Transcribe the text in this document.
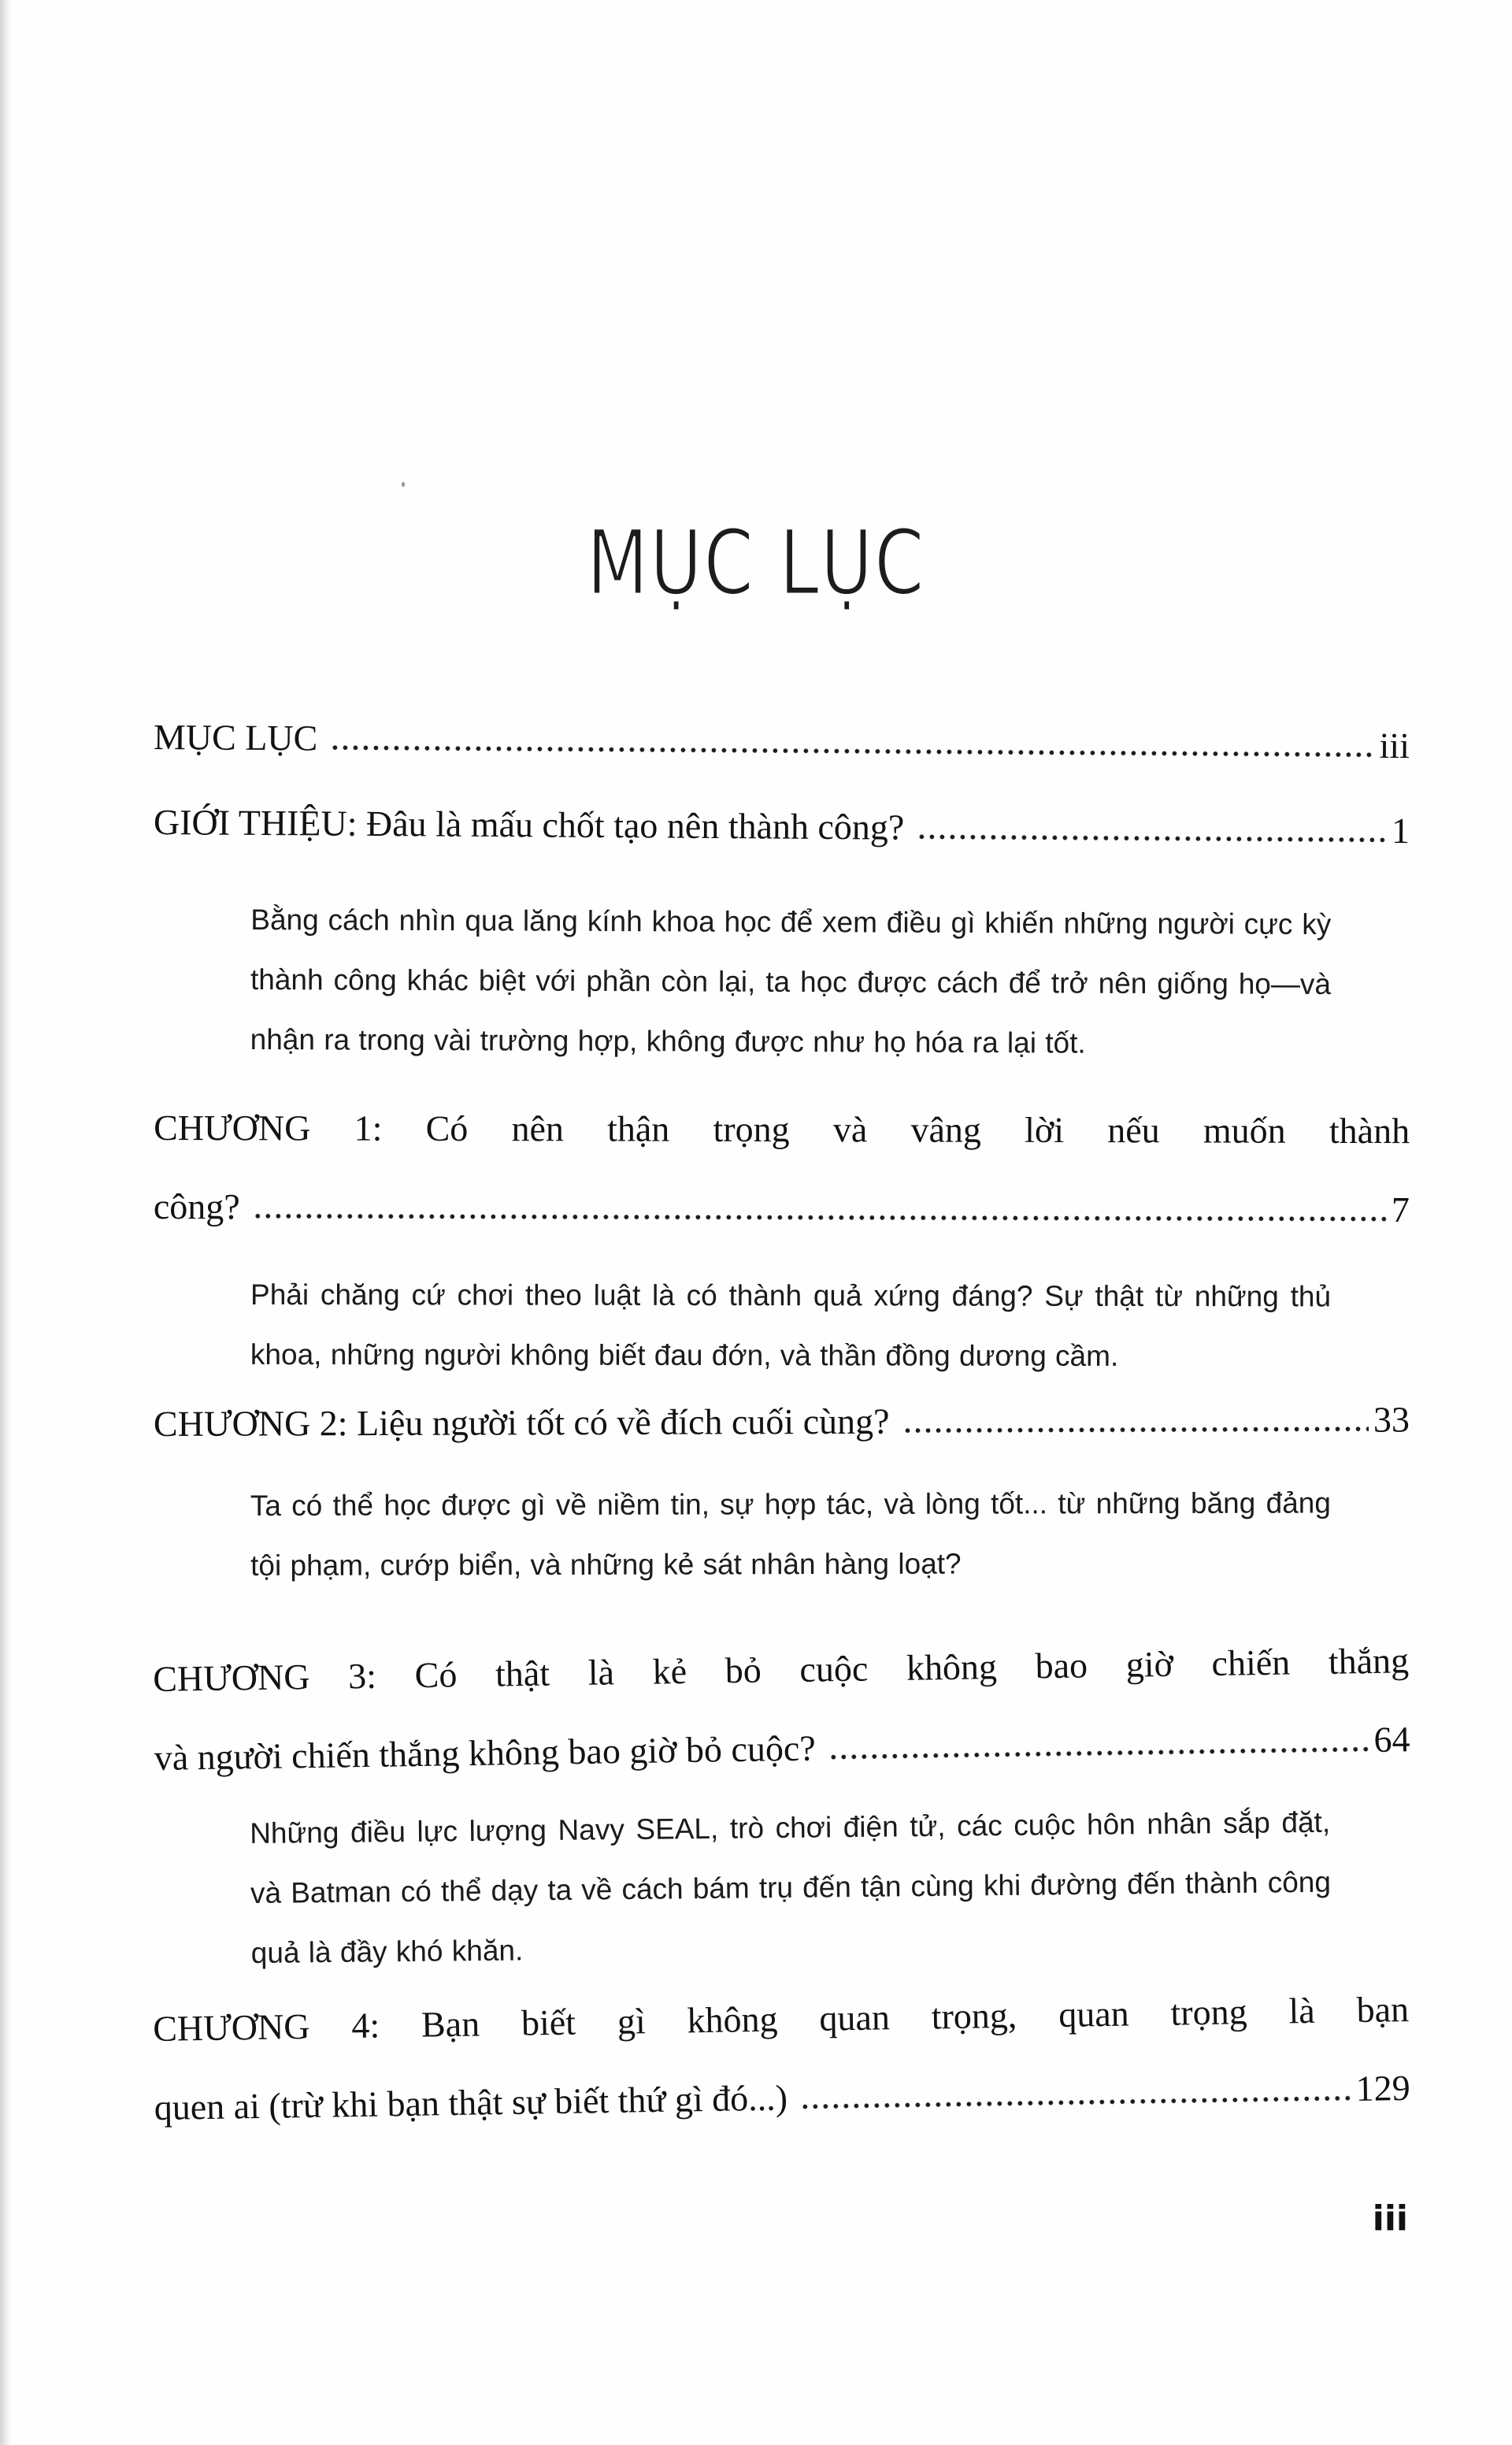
MỤC LỤC
MỤC LỤC	iii
GIỚI THIỆU: Đâu là mấu chốt tạo nên thành công?	1

Bằng cách nhìn qua lăng kính khoa học để xem điều gì khiến những người cực kỳ thành công khác biệt với phần còn lại, ta học được cách để trở nên giống họ—và nhận ra trong vài trường hợp, không được như họ hóa ra lại tốt.

CHƯƠNG 1: Có nên thận trọng và vâng lời nếu muốn thành
công?	7

Phải chăng cứ chơi theo luật là có thành quả xứng đáng? Sự thật từ những thủ khoa, những người không biết đau đớn, và thần đồng dương cầm.

CHƯƠNG 2: Liệu người tốt có về đích cuối cùng?	33

Ta có thể học được gì về niềm tin, sự hợp tác, và lòng tốt... từ những băng đảng tội phạm, cướp biển, và những kẻ sát nhân hàng loạt?

CHƯƠNG 3: Có thật là kẻ bỏ cuộc không bao giờ chiến thắng
và người chiến thắng không bao giờ bỏ cuộc?	64

Những điều lực lượng Navy SEAL, trò chơi điện tử, các cuộc hôn nhân sắp đặt, và Batman có thể dạy ta về cách bám trụ đến tận cùng khi đường đến thành công quả là đầy khó khăn.

CHƯƠNG 4: Bạn biết gì không quan trọng, quan trọng là bạn
quen ai (trừ khi bạn thật sự biết thứ gì đó...)	129
iii
